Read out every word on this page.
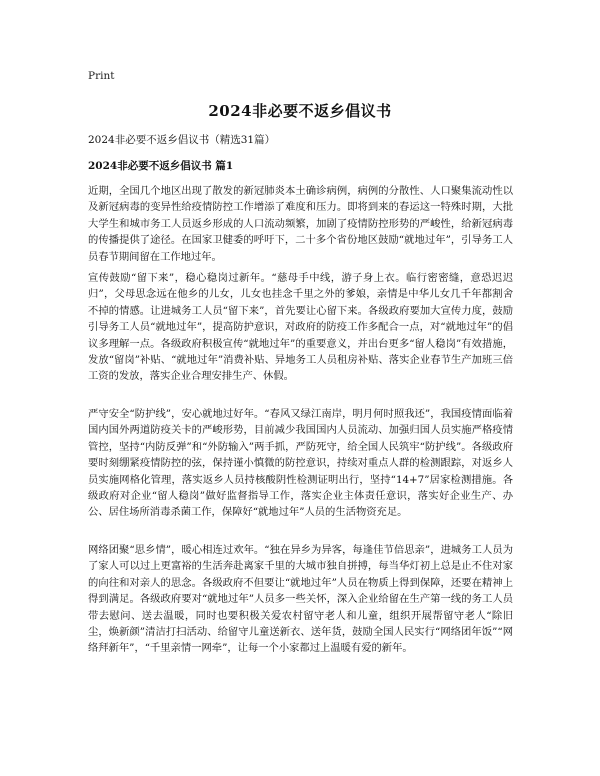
Print
2024非必要不返乡倡议书
2024非必要不返乡倡议书（精选31篇）
2024非必要不返乡倡议书 篇1

近期，全国几个地区出现了散发的新冠肺炎本土确诊病例，病例的分散性、人口聚集流动性以及新冠病毒的变异性给疫情防控工作增添了难度和压力。即将到来的春运这一特殊时期，大批大学生和城市务工人员返乡形成的人口流动频繁，加剧了疫情防控形势的严峻性，给新冠病毒的传播提供了途径。在国家卫健委的呼吁下，二十多个省份地区鼓励“就地过年”，引导务工人员春节期间留在工作地过年。

宣传鼓励“留下来”，稳心稳岗过新年。“慈母手中线，游子身上衣。临行密密缝，意恐迟迟归”，父母思念远在他乡的儿女，儿女也挂念千里之外的爹娘，亲情是中华儿女几千年都割舍不掉的情感。让进城务工人员“留下来”，首先要让心留下来。各级政府要加大宣传力度，鼓励引导务工人员“就地过年”，提高防护意识，对政府的防疫工作多配合一点，对“就地过年”的倡议多理解一点。各级政府积极宣传“就地过年”的重要意义，并出台更多“留人稳岗”有效措施，发放“留岗”补贴、“就地过年”消费补贴、异地务工人员租房补贴、落实企业春节生产加班三倍工资的发放，落实企业合理安排生产、休假。

严守安全“防护线”，安心就地过好年。“春风又绿江南岸，明月何时照我还”，我国疫情面临着国内国外两道防疫关卡的严峻形势，目前减少我国国内人员流动、加强归国人员实施严格疫情管控，坚持“内防反弹”和“外防输入”两手抓，严防死守，给全国人民筑牢“防护线”。各级政府要时刻绷紧疫情防控的弦，保持谨小慎微的防控意识，持续对重点人群的检测跟踪，对返乡人员实施网格化管理，落实返乡人员持核酸阴性检测证明出行，坚持“14+7”居家检测措施。各级政府对企业“留人稳岗”做好监督指导工作，落实企业主体责任意识，落实好企业生产、办公、居住场所消毒杀菌工作，保障好“就地过年”人员的生活物资充足。

网络团聚“思乡情”，暖心相连过欢年。“独在异乡为异客，每逢佳节倍思亲”，进城务工人员为了家人可以过上更富裕的生活奔赴离家千里的大城市独自拼搏，每当华灯初上总是止不住对家的向往和对亲人的思念。各级政府不但要让“就地过年”人员在物质上得到保障，还要在精神上得到满足。各级政府要对“就地过年”人员多一些关怀，深入企业给留在生产第一线的务工人员带去慰问、送去温暖，同时也要积极关爱农村留守老人和儿童，组织开展帮留守老人“除旧尘，焕新颜”清洁打扫活动、给留守儿童送新衣、送年货，鼓励全国人民实行“网络团年饭”“网络拜新年”，“千里亲情一网牵”，让每一个小家都过上温暖有爱的新年。
